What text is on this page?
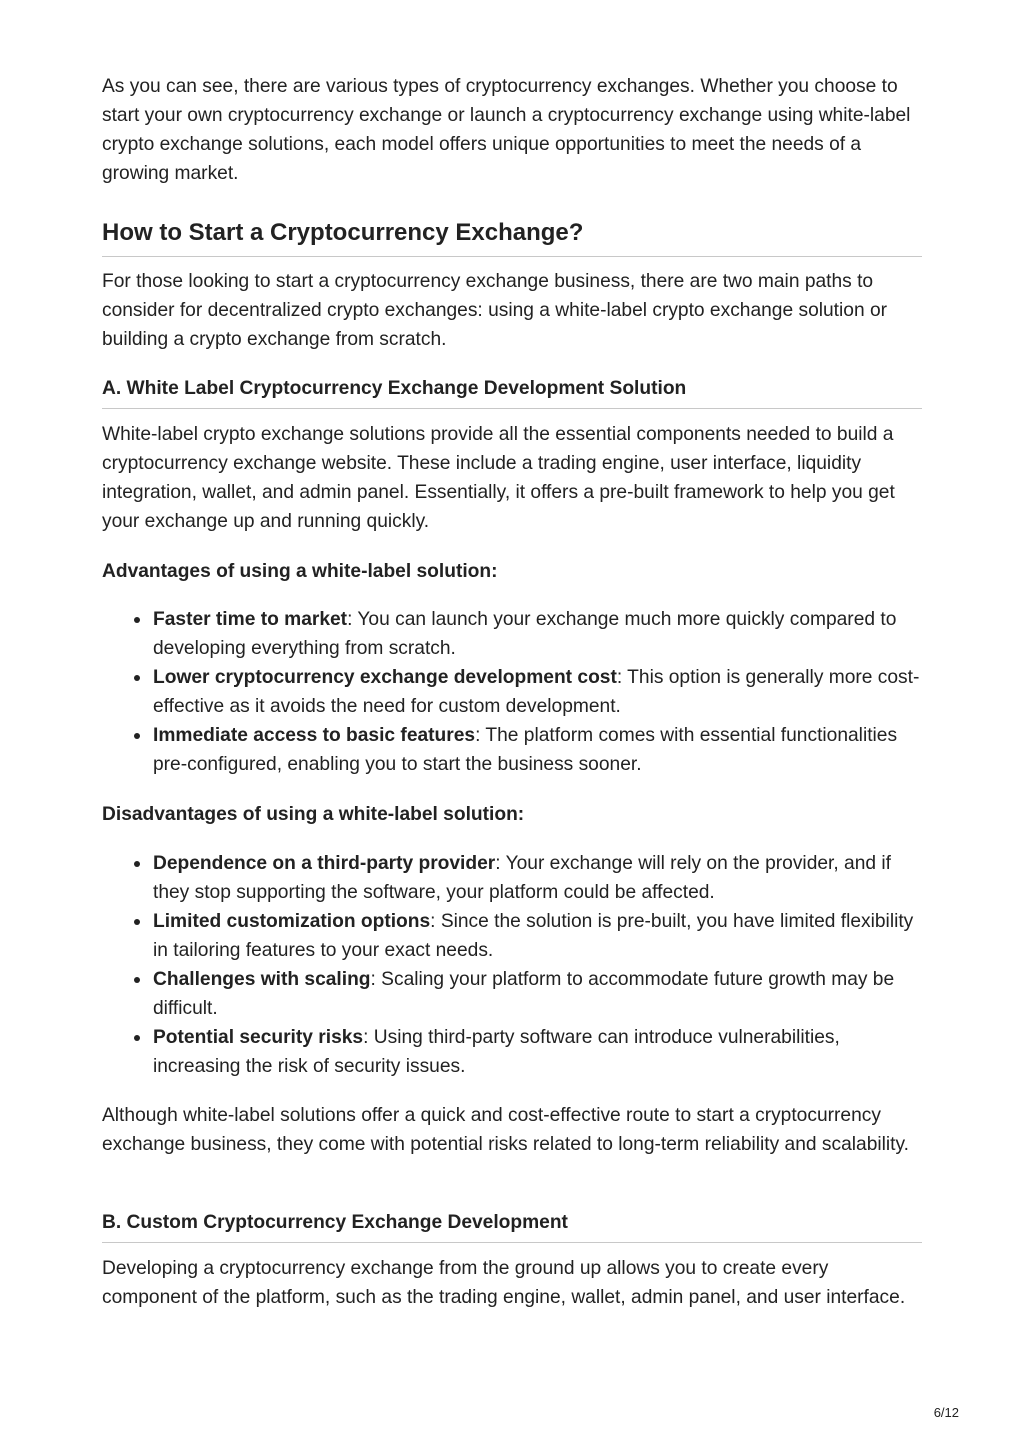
As you can see, there are various types of cryptocurrency exchanges. Whether you choose to start your own cryptocurrency exchange or launch a cryptocurrency exchange using white-label crypto exchange solutions, each model offers unique opportunities to meet the needs of a growing market.

How to Start a Cryptocurrency Exchange?

For those looking to start a cryptocurrency exchange business, there are two main paths to consider for decentralized crypto exchanges: using a white-label crypto exchange solution or building a crypto exchange from scratch.

A. White Label Cryptocurrency Exchange Development Solution

White-label crypto exchange solutions provide all the essential components needed to build a cryptocurrency exchange website. These include a trading engine, user interface, liquidity integration, wallet, and admin panel. Essentially, it offers a pre-built framework to help you get your exchange up and running quickly.

Advantages of using a white-label solution:

Faster time to market: You can launch your exchange much more quickly compared to developing everything from scratch.
Lower cryptocurrency exchange development cost: This option is generally more cost-effective as it avoids the need for custom development.
Immediate access to basic features: The platform comes with essential functionalities pre-configured, enabling you to start the business sooner.

Disadvantages of using a white-label solution:

Dependence on a third-party provider: Your exchange will rely on the provider, and if they stop supporting the software, your platform could be affected.
Limited customization options: Since the solution is pre-built, you have limited flexibility in tailoring features to your exact needs.
Challenges with scaling: Scaling your platform to accommodate future growth may be difficult.
Potential security risks: Using third-party software can introduce vulnerabilities, increasing the risk of security issues.

Although white-label solutions offer a quick and cost-effective route to start a cryptocurrency exchange business, they come with potential risks related to long-term reliability and scalability.

B. Custom Cryptocurrency Exchange Development

Developing a cryptocurrency exchange from the ground up allows you to create every component of the platform, such as the trading engine, wallet, admin panel, and user interface.

6/12
